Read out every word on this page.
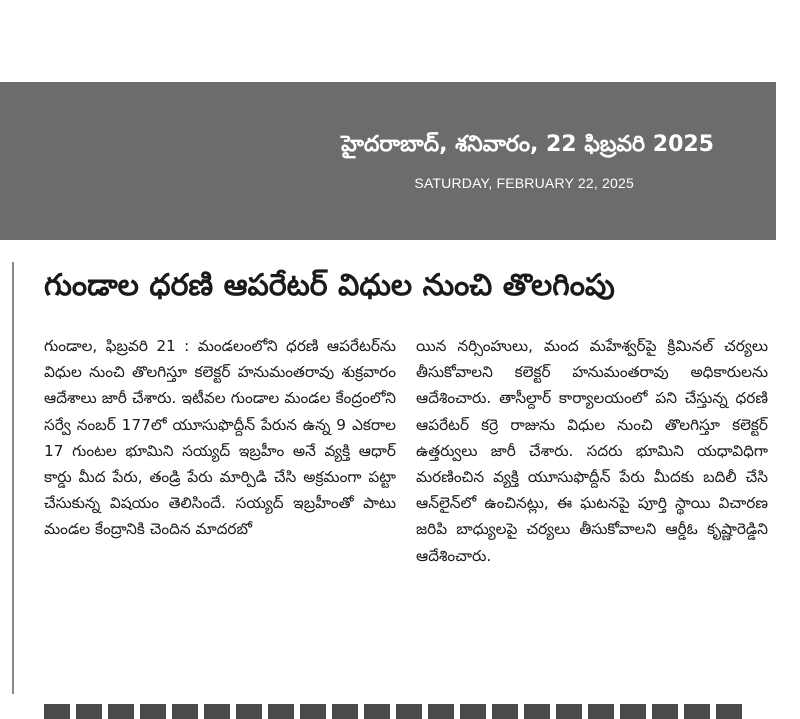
హైదరాబాద్, శనివారం, 22 ఫిబ్రవరి 2025
SATURDAY, FEBRUARY 22, 2025
గుండాల ధరణి ఆపరేటర్ విధుల నుంచి తొలగింపు
గుండాల, ఫిబ్రవరి 21 : మండలంలోని ధరణి ఆపరేటర్‌ను విధుల నుంచి తొలగిస్తూ కలెక్టర్ హనుమంతరావు శుక్రవారం ఆదేశాలు జారీ చేశారు. ఇటీవల గుండాల మండల కేంద్రంలోని సర్వే నంబర్ 177లో యూసుఫొద్దీన్ పేరున ఉన్న 9 ఎకరాల 17 గుంటల భూమిని సయ్యద్ ఇబ్రహీం అనే వ్యక్తి ఆధార్ కార్డు మీద పేరు, తండ్రి పేరు మార్పిడి చేసి అక్రమంగా పట్టా చేసుకున్న విషయం తెలిసిందే. సయ్యద్ ఇబ్రహీంతో పాటు మండల కేంద్రానికి చెందిన మాదరబో
యిన నర్సింహులు, మంద మహేశ్వర్‌పై క్రిమినల్ చర్యలు తీసుకోవాలని కలెక్టర్ హనుమంతరావు అధికారులను ఆదేశించారు. తాసీల్దార్ కార్యాలయంలో పని చేస్తున్న ధరణి ఆపరేటర్ కర్రె రాజును విధుల నుంచి తొలగిస్తూ కలెక్టర్ ఉత్తర్వులు జారీ చేశారు. సదరు భూమిని యధావిధిగా మరణించిన వ్యక్తి యూసుఫొద్దీన్ పేరు మీదకు బదిలీ చేసి ఆన్‌లైన్‌లో ఉంచినట్లు, ఈ ఘటనపై పూర్తి స్థాయి విచారణ జరిపి బాధ్యులపై చర్యలు తీసుకోవాలని ఆర్డీఓ కృష్ణారెడ్డిని ఆదేశించారు.
